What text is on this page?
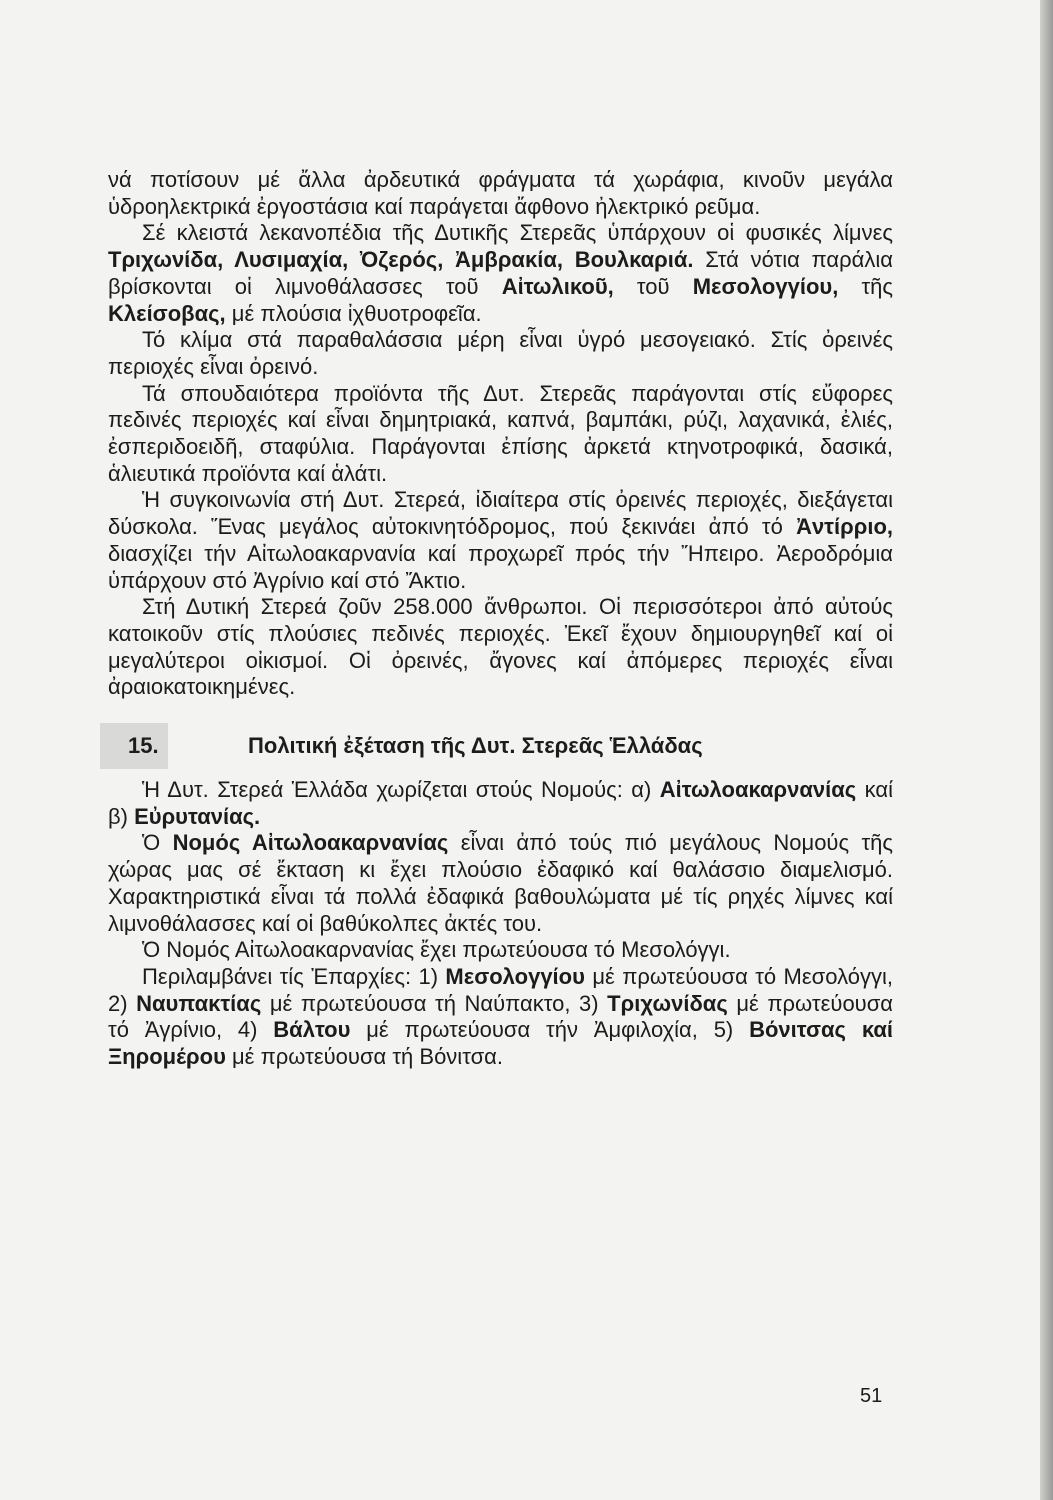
νά ποτίσουν μέ ἄλλα ἀρδευτικά φράγματα τά χωράφια, κινοῦν μεγάλα ὑδροηλεκτρικά ἐργοστάσια καί παράγεται ἄφθονο ἠλεκτρικό ρεῦμα.

Σέ κλειστά λεκανοπέδια τῆς Δυτικῆς Στερεᾶς ὑπάρχουν οἱ φυσικές λίμνες Τριχωνίδα, Λυσιμαχία, Ὀζερός, Ἀμβρακία, Βουλκαριά. Στά νότια παράλια βρίσκονται οἱ λιμνοθάλασσες τοῦ Αἰτωλικοῦ, τοῦ Μεσολογγίου, τῆς Κλείσοβας, μέ πλούσια ἰχθυοτροφεῖα.

Τό κλίμα στά παραθαλάσσια μέρη εἶναι ὑγρό μεσογειακό. Στίς ὀρεινές περιοχές εἶναι ὀρεινό.

Τά σπουδαιότερα προϊόντα τῆς Δυτ. Στερεᾶς παράγονται στίς εὔφορες πεδινές περιοχές καί εἶναι δημητριακά, καπνά, βαμπάκι, ρύζι, λαχανικά, ἐλιές, ἐσπεριδοειδῆ, σταφύλια. Παράγονται ἐπίσης ἀρκετά κτηνοτροφικά, δασικά, ἁλιευτικά προϊόντα καί ἁλάτι.

Ἡ συγκοινωνία στή Δυτ. Στερεά, ἰδιαίτερα στίς ὀρεινές περιοχές, διεξάγεται δύσκολα. Ἕνας μεγάλος αὐτοκινητόδρομος, πού ξεκινάει ἀπό τό Ἀντίρριο, διασχίζει τήν Αἰτωλοακαρνανία καί προχωρεῖ πρός τήν Ἤπειρο. Ἀεροδρόμια ὑπάρχουν στό Ἀγρίνιο καί στό Ἄκτιο.

Στή Δυτική Στερεά ζοῦν 258.000 ἄνθρωποι. Οἱ περισσότεροι ἀπό αὐτούς κατοικοῦν στίς πλούσιες πεδινές περιοχές. Ἐκεῖ ἔχουν δημιουργηθεῖ καί οἱ μεγαλύτεροι οἰκισμοί. Οἱ ὀρεινές, ἄγονες καί ἀπόμερες περιοχές εἶναι ἀραιοκατοικημένες.

15.	Πολιτική ἐξέταση τῆς Δυτ. Στερεᾶς Ἑλλάδας

Ἡ Δυτ. Στερεά Ἑλλάδα χωρίζεται στούς Νομούς: α) Αἰτωλοακαρνανίας καί β) Εὐρυτανίας.

Ὁ Νομός Αἰτωλοακαρνανίας εἶναι ἀπό τούς πιό μεγάλους Νομούς τῆς χώρας μας σέ ἔκταση κι ἔχει πλούσιο ἐδαφικό καί θαλάσσιο διαμελισμό. Χαρακτηριστικά εἶναι τά πολλά ἐδαφικά βαθουλώματα μέ τίς ρηχές λίμνες καί λιμνοθάλασσες καί οἱ βαθύκολπες ἀκτές του.

Ὁ Νομός Αἰτωλοακαρνανίας ἔχει πρωτεύουσα τό Μεσολόγγι.

Περιλαμβάνει τίς Ἐπαρχίες: 1) Μεσολογγίου μέ πρωτεύουσα τό Μεσολόγγι, 2) Ναυπακτίας μέ πρωτεύουσα τή Ναύπακτο, 3) Τριχωνίδας μέ πρωτεύουσα τό Ἀγρίνιο, 4) Βάλτου μέ πρωτεύουσα τήν Ἀμφιλοχία, 5) Βόνιτσας καί Ξηρομέρου μέ πρωτεύουσα τή Βόνιτσα.

51
